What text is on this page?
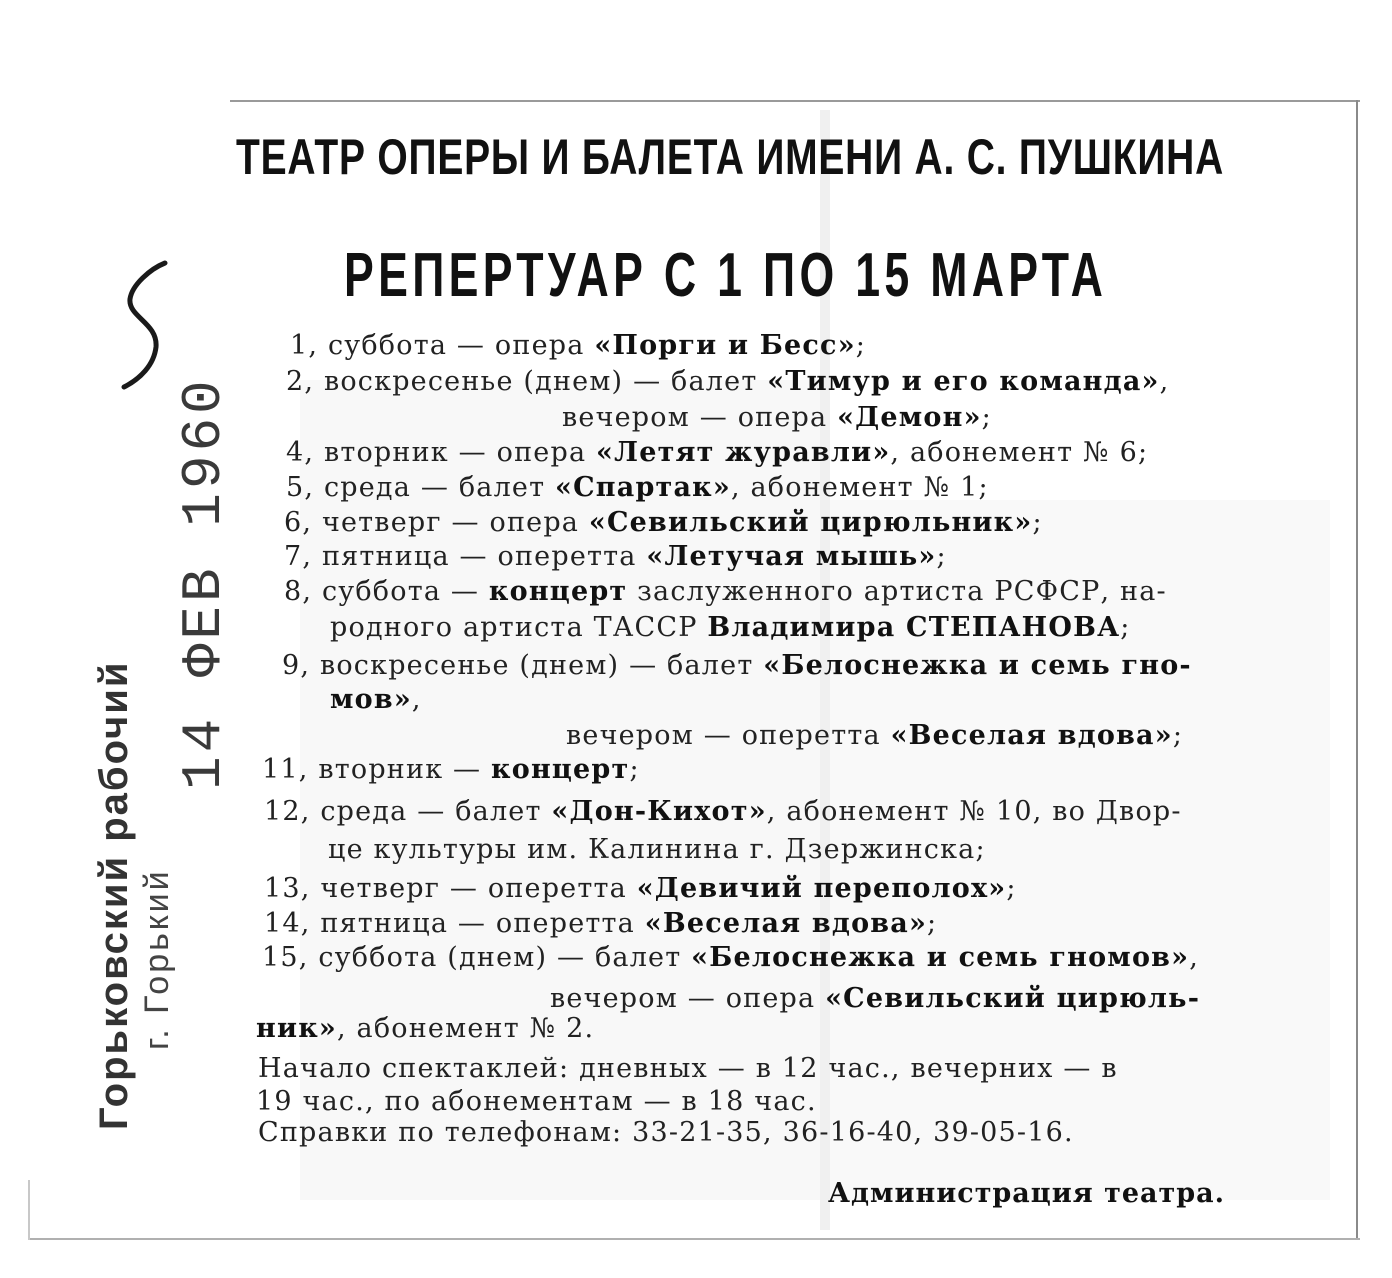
ТЕАТР ОПЕРЫ И БАЛЕТА ИМЕНИ А. С. ПУШКИНА
РЕПЕРТУАР С 1 ПО 15 МАРТА
1, суббота — опера «Порги и Бесс»;
2, воскресенье (днем) — балет «Тимур и его команда»,
вечером — опера «Демон»;
4, вторник — опера «Летят журавли», абонемент № 6;
5, среда — балет «Спартак», абонемент № 1;
6, четверг — опера «Севильский цирюльник»;
7, пятница — оперетта «Летучая мышь»;
8, суббота — концерт заслуженного артиста РСФСР, на-
родного артиста ТАССР Владимира СТЕПАНОВА;
9, воскресенье (днем) — балет «Белоснежка и семь гно-
мов»,
вечером — оперетта «Веселая вдова»;
11, вторник — концерт;
12, среда — балет «Дон-Кихот», абонемент № 10, во Двор-
це культуры им. Калинина г. Дзержинска;
13, четверг — оперетта «Девичий переполох»;
14, пятница — оперетта «Веселая вдова»;
15, суббота (днем) — балет «Белоснежка и семь гномов»,
вечером — опера «Севильский цирюль-
ник», абонемент № 2.
Начало спектаклей: дневных — в 12 час., вечерних — в
19 час., по абонементам — в 18 час.
Справки по телефонам: 33-21-35, 36-16-40, 39-05-16.
Администрация театра.
Горьковский рабочий г. Горький
14 ФЕВ 1960
